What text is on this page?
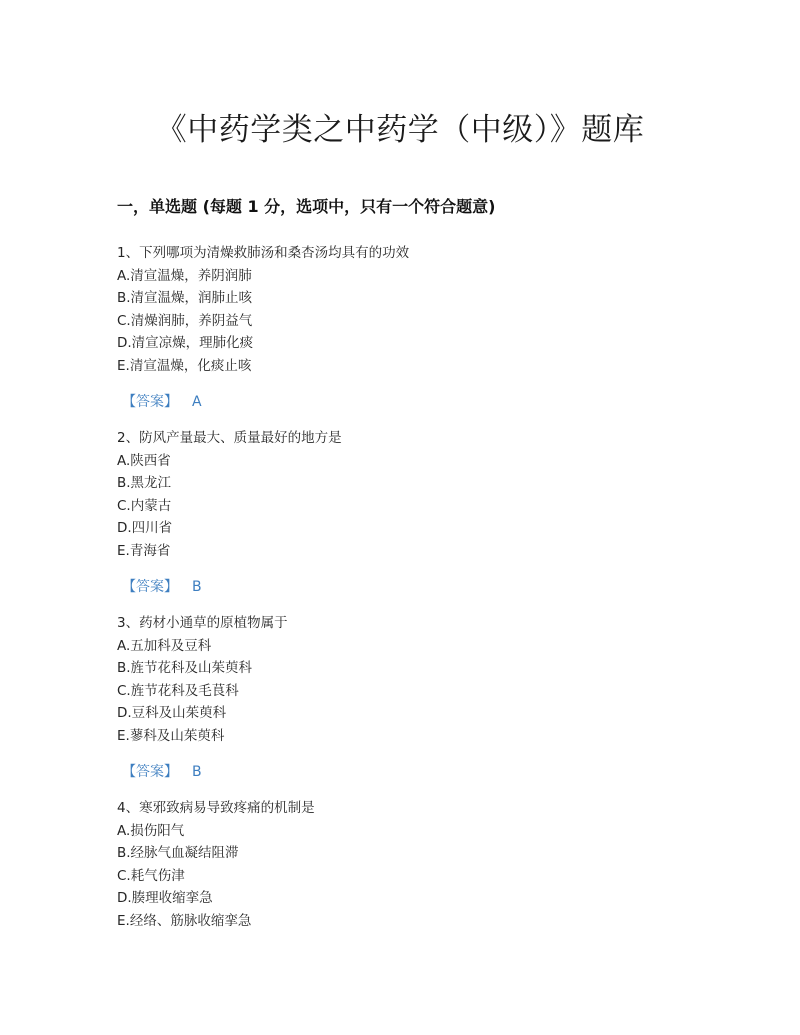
《中药学类之中药学（中级）》题库
一，单选题 (每题 1 分，选项中，只有一个符合题意)
1、下列哪项为清燥救肺汤和桑杏汤均具有的功效
A.清宣温燥，养阴润肺
B.清宣温燥，润肺止咳
C.清燥润肺，养阴益气
D.清宣凉燥，理肺化痰
E.清宣温燥，化痰止咳
【答案】 A
2、防风产量最大、质量最好的地方是
A.陕西省
B.黑龙江
C.内蒙古
D.四川省
E.青海省
【答案】 B
3、药材小通草的原植物属于
A.五加科及豆科
B.旌节花科及山茱萸科
C.旌节花科及毛茛科
D.豆科及山茱萸科
E.蓼科及山茱萸科
【答案】 B
4、寒邪致病易导致疼痛的机制是
A.损伤阳气
B.经脉气血凝结阻滞
C.耗气伤津
D.腠理收缩挛急
E.经络、筋脉收缩挛急
